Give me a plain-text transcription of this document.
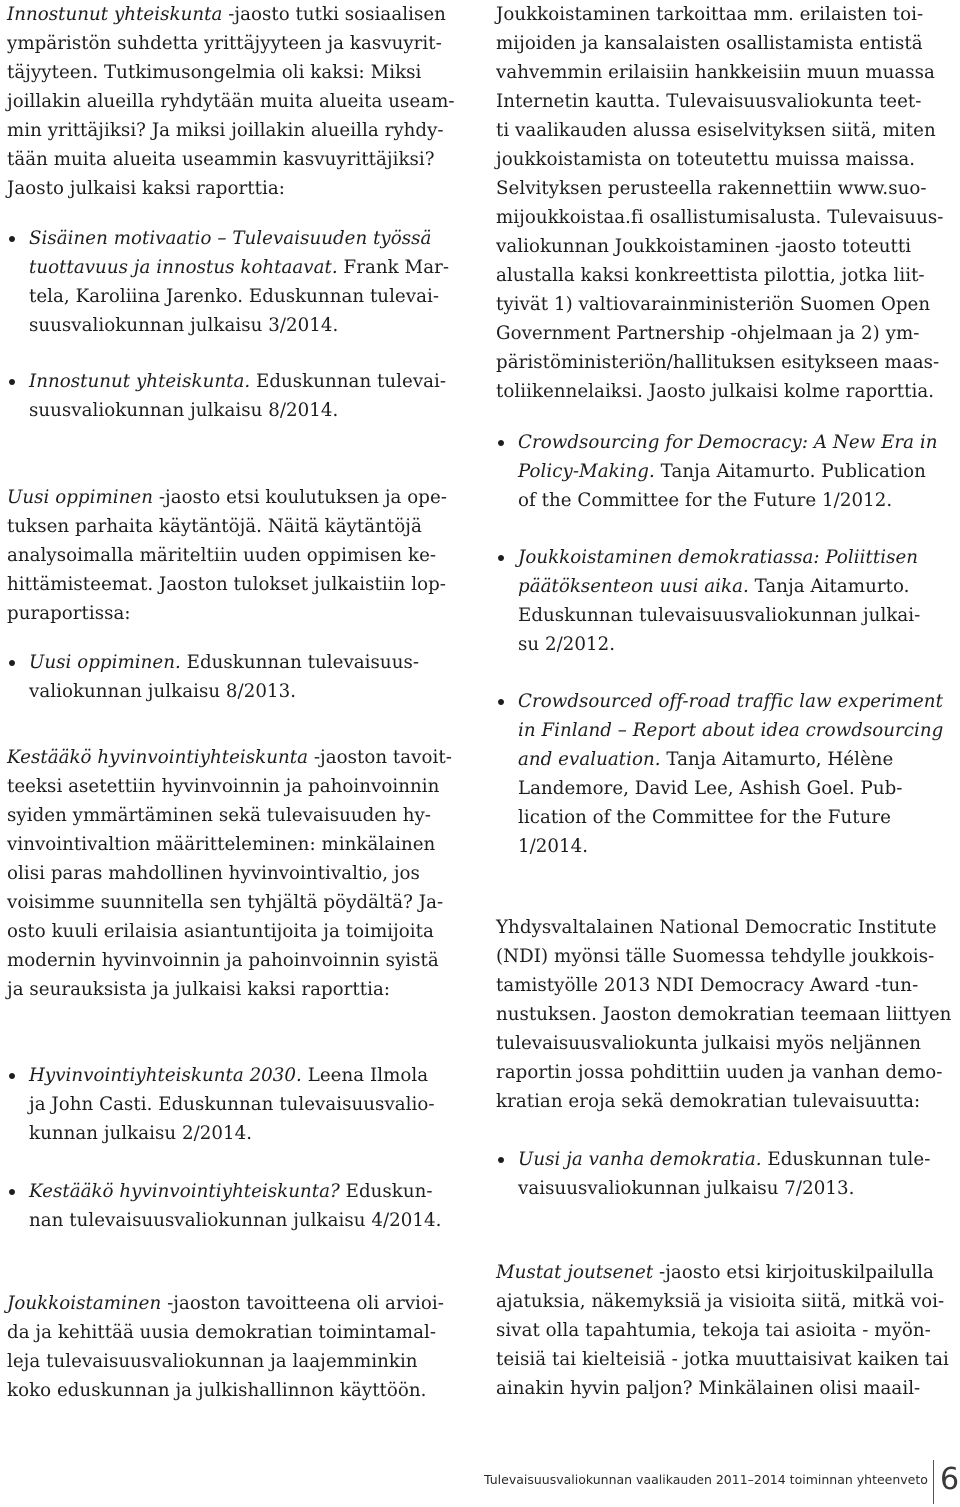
Innostunut yhteiskunta -jaosto tutki sosiaalisen
ympäristön suhdetta yrittäjyyteen ja kasvuyrit-
täjyyteen. Tutkimusongelmia oli kaksi: Miksi
joillakin alueilla ryhdytään muita alueita useam-
min yrittäjiksi? Ja miksi joillakin alueilla ryhdy-
tään muita alueita useammin kasvuyrittäjiksi?
Jaosto julkaisi kaksi raporttia:
Sisäinen motivaatio – Tulevaisuuden työssä
tuottavuus ja innostus kohtaavat. Frank Mar-
tela, Karoliina Jarenko. Eduskunnan tulevai-
suusvaliokunnan julkaisu 3/2014.
Innostunut yhteiskunta. Eduskunnan tulevai-
suusvaliokunnan julkaisu 8/2014.
Uusi oppiminen -jaosto etsi koulutuksen ja ope-
tuksen parhaita käytäntöjä. Näitä käytäntöjä
analysoimalla märiteltiin uuden oppimisen ke-
hittämisteemat. Jaoston tulokset julkaistiin lop-
puraportissa:
Uusi oppiminen. Eduskunnan tulevaisuus-
valiokunnan julkaisu 8/2013.
Kestääkö hyvinvointiyhteiskunta -jaoston tavoit-
teeksi asetettiin hyvinvoinnin ja pahoinvoinnin
syiden ymmärtäminen sekä tulevaisuuden hy-
vinvointivaltion määritteleminen: minkälainen
olisi paras mahdollinen hyvinvointivaltio, jos
voisimme suunnitella sen tyhjältä pöydältä? Ja-
osto kuuli erilaisia asiantuntijoita ja toimijoita
modernin hyvinvoinnin ja pahoinvoinnin syistä
ja seurauksista ja julkaisi kaksi raporttia:
Hyvinvointiyhteiskunta 2030. Leena Ilmola
ja John Casti. Eduskunnan tulevaisuusvalio-
kunnan julkaisu 2/2014.
Kestääkö hyvinvointiyhteiskunta? Eduskun-
nan tulevaisuusvaliokunnan julkaisu 4/2014.
Joukkoistaminen -jaoston tavoitteena oli arvioi-
da ja kehittää uusia demokratian toimintamal-
leja tulevaisuusvaliokunnan ja laajemminkin
koko eduskunnan ja julkishallinnon käyttöön.
Joukkoistaminen tarkoittaa mm. erilaisten toi-
mijoiden ja kansalaisten osallistamista entistä
vahvemmin erilaisiin hankkeisiin muun muassa
Internetin kautta. Tulevaisuusvaliokunta teet-
ti vaalikauden alussa esiselvityksen siitä, miten
joukkoistamista on toteutettu muissa maissa.
Selvityksen perusteella rakennettiin www.suo-
mijoukkoistaa.fi osallistumisalusta. Tulevaisuus-
valiokunnan Joukkoistaminen -jaosto toteutti
alustalla kaksi konkreettista pilottia, jotka liit-
tyivät 1) valtiovarainministeriön Suomen Open
Government Partnership -ohjelmaan ja 2) ym-
päristöministeriön/hallituksen esitykseen maas-
toliikennelaiksi. Jaosto julkaisi kolme raporttia.
Crowdsourcing for Democracy: A New Era in
Policy-Making. Tanja Aitamurto. Publication
of the Committee for the Future 1/2012.
Joukkoistaminen demokratiassa: Poliittisen
päätöksenteon uusi aika. Tanja Aitamurto.
Eduskunnan tulevaisuusvaliokunnan julkai-
su 2/2012.
Crowdsourced off-road traffic law experiment
in Finland – Report about idea crowdsourcing
and evaluation. Tanja Aitamurto, Hélène
Landemore, David Lee, Ashish Goel. Pub-
lication of the Committee for the Future
1/2014.
Yhdysvaltalainen National Democratic Institute
(NDI) myönsi tälle Suomessa tehdylle joukkois-
tamistyölle 2013 NDI Democracy Award -tun-
nustuksen. Jaoston demokratian teemaan liittyen
tulevaisuusvaliokunta julkaisi myös neljännen
raportin jossa pohdittiin uuden ja vanhan demo-
kratian eroja sekä demokratian tulevaisuutta:
Uusi ja vanha demokratia. Eduskunnan tule-
vaisuusvaliokunnan julkaisu 7/2013.
Mustat joutsenet -jaosto etsi kirjoituskilpailulla
ajatuksia, näkemyksiä ja visioita siitä, mitkä voi-
sivat olla tapahtumia, tekoja tai asioita - myön-
teisiä tai kielteisiä - jotka muuttaisivat kaiken tai
ainakin hyvin paljon? Minkälainen olisi maail-
Tulevaisuusvaliokunnan vaalikauden 2011–2014 toiminnan yhteenveto 6
